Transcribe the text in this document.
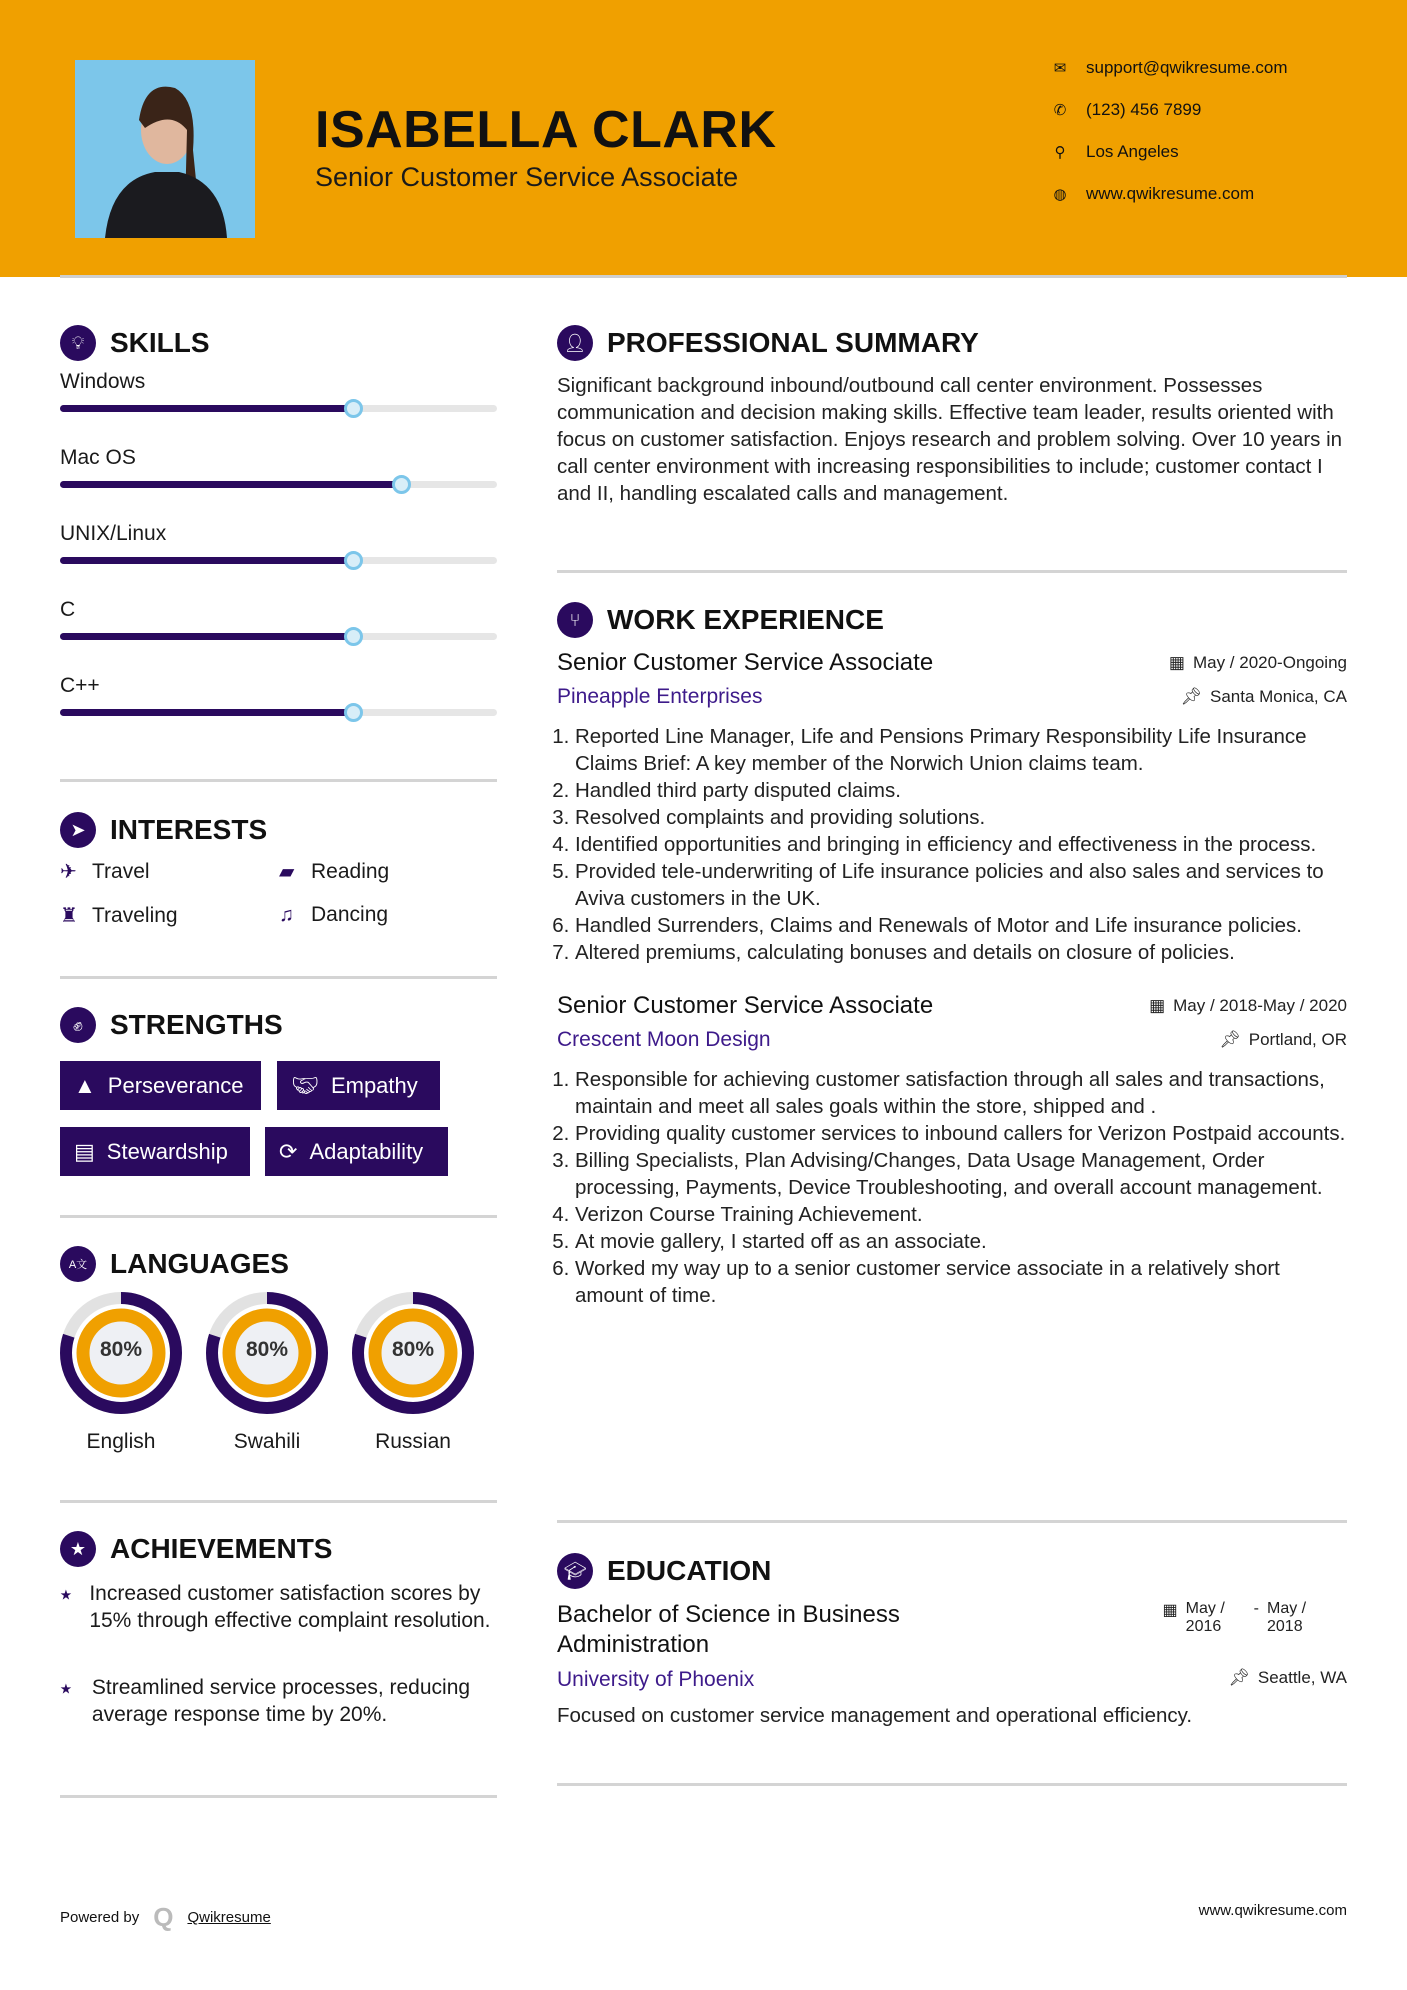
ISABELLA CLARK
Senior Customer Service Associate
✉ support@qwikresume.com
✆ (123) 456 7899
⚲ Los Angeles
◍ www.qwikresume.com
💡︎ SKILLS
Windows
Mac OS
UNIX/Linux
C
C++
➤ INTERESTS
✈ Travel	▰ Reading
♜ Traveling	♫ Dancing
✊︎ STRENGTHS
▲ Perseverance 🤝︎ Empathy
▤ Stewardship ⟳ Adaptability
A文 LANGUAGES
80%
English
80%
Swahili
80%
Russian
★ ACHIEVEMENTS
⭑ Increased customer satisfaction scores by 15% through effective complaint resolution.
⭑ Streamlined service processes, reducing average response time by 20%.
👤︎ PROFESSIONAL SUMMARY

Significant background inbound/outbound call center environment. Possesses communication and decision making skills. Effective team leader, results oriented with focus on customer satisfaction. Enjoys research and problem solving. Over 10 years in call center environment with increasing responsibilities to include; customer contact I and II, handling escalated calls and management.

⑂ WORK EXPERIENCE
Senior Customer Service Associate	▦ May / 2020-Ongoing
Pineapple Enterprises	📌︎ Santa Monica, CA
1. Reported Line Manager, Life and Pensions Primary Responsibility Life Insurance Claims Brief: A key member of the Norwich Union claims team.
2. Handled third party disputed claims.
3. Resolved complaints and providing solutions.
4. Identified opportunities and bringing in efficiency and effectiveness in the process.
5. Provided tele-underwriting of Life insurance policies and also sales and services to Aviva customers in the UK.
6. Handled Surrenders, Claims and Renewals of Motor and Life insurance policies.
7. Altered premiums, calculating bonuses and details on closure of policies.
Senior Customer Service Associate	▦ May / 2018-May / 2020
Crescent Moon Design	📌︎ Portland, OR
1. Responsible for achieving customer satisfaction through all sales and transactions, maintain and meet all sales goals within the store, shipped and .
2. Providing quality customer services to inbound callers for Verizon Postpaid accounts.
3. Billing Specialists, Plan Advising/Changes, Data Usage Management, Order processing, Payments, Device Troubleshooting, and overall account management.
4. Verizon Course Training Achievement.
5. At movie gallery, I started off as an associate.
6. Worked my way up to a senior customer service associate in a relatively short amount of time.
🎓︎ EDUCATION
Bachelor of Science in Business Administration
▦ May / 2016
- May / 2018
University of Phoenix	📌︎ Seattle, WA

Focused on customer service management and operational efficiency.

Powered by Q Qwikresume	www.qwikresume.com
